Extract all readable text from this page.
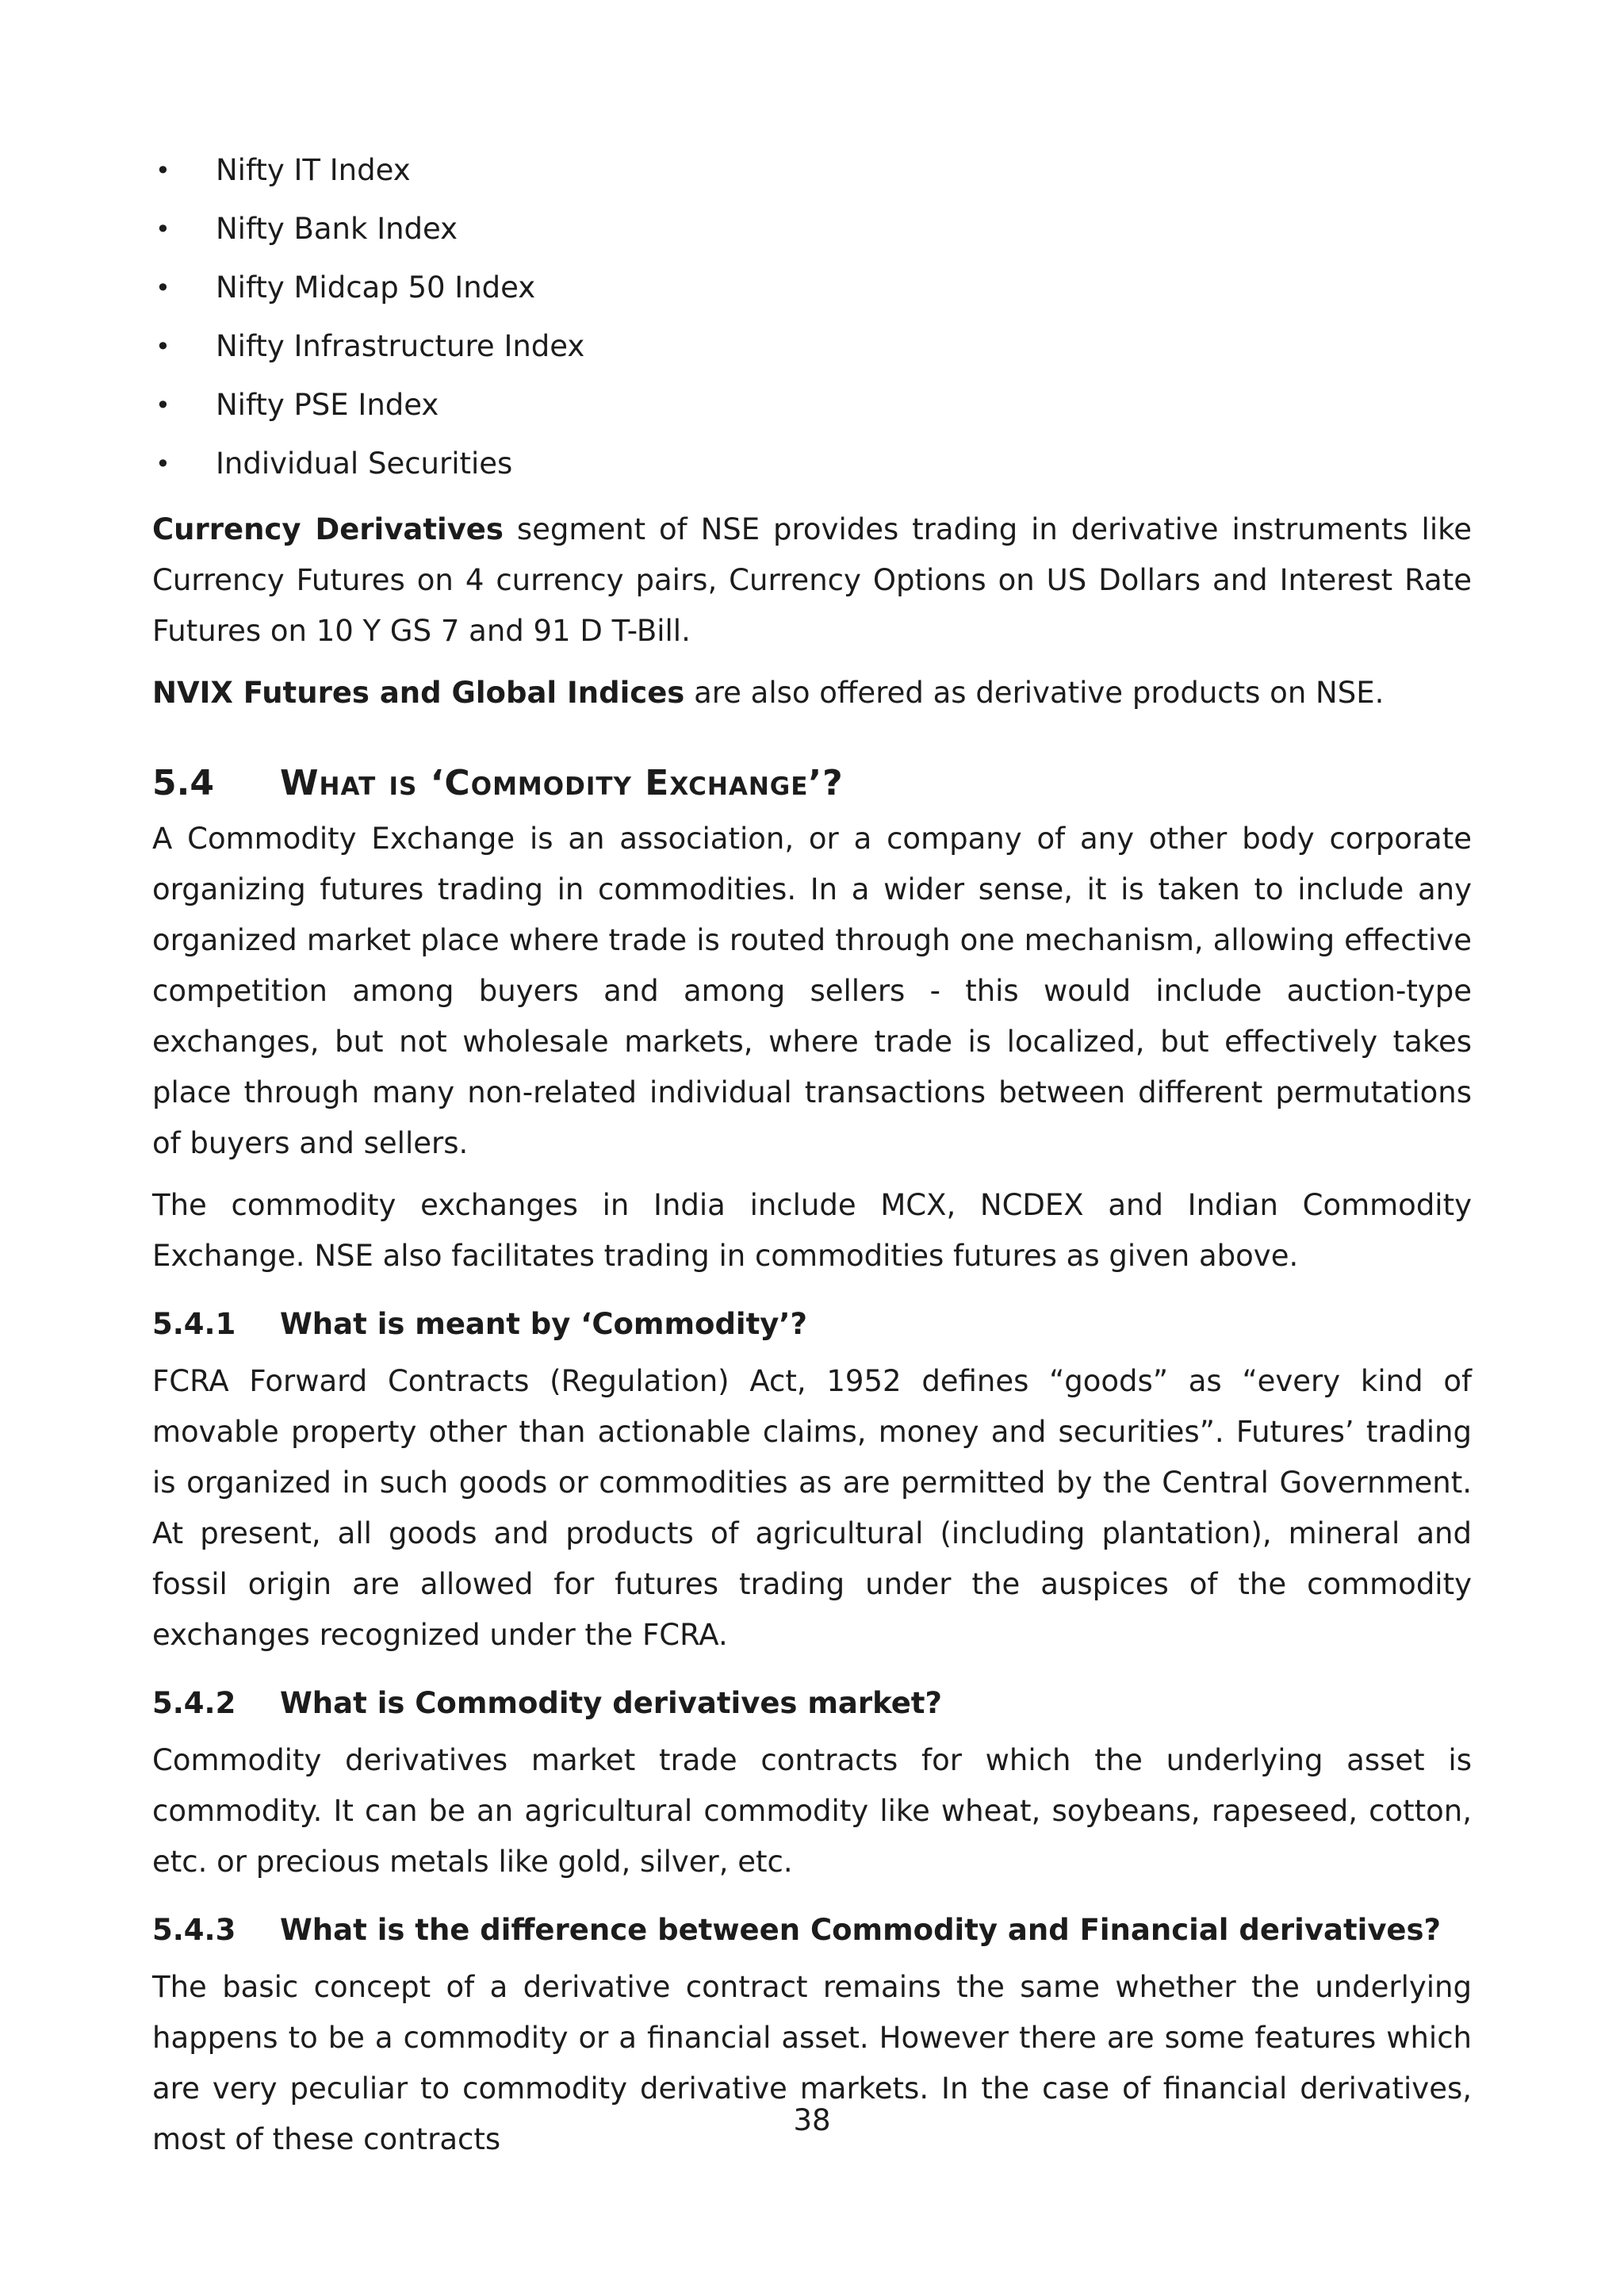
• Nifty IT Index
• Nifty Bank Index
• Nifty Midcap 50 Index
• Nifty Infrastructure Index
• Nifty PSE Index
• Individual Securities

Currency Derivatives segment of NSE provides trading in derivative instruments like Currency Futures on 4 currency pairs, Currency Options on US Dollars and Interest Rate Futures on 10 Y GS 7 and 91 D T-Bill.

NVIX Futures and Global Indices are also offered as derivative products on NSE.

5.4 What is ‘Commodity Exchange’?

A Commodity Exchange is an association, or a company of any other body corporate organizing futures trading in commodities. In a wider sense, it is taken to include any organized market place where trade is routed through one mechanism, allowing effective competition among buyers and among sellers - this would include auction-type exchanges, but not wholesale markets, where trade is localized, but effectively takes place through many non-related individual transactions between different permutations of buyers and sellers.

The commodity exchanges in India include MCX, NCDEX and Indian Commodity Exchange. NSE also facilitates trading in commodities futures as given above.

5.4.1 What is meant by ‘Commodity’?

FCRA Forward Contracts (Regulation) Act, 1952 defines “goods” as “every kind of movable property other than actionable claims, money and securities”. Futures’ trading is organized in such goods or commodities as are permitted by the Central Government. At present, all goods and products of agricultural (including plantation), mineral and fossil origin are allowed for futures trading under the auspices of the commodity exchanges recognized under the FCRA.

5.4.2 What is Commodity derivatives market?

Commodity derivatives market trade contracts for which the underlying asset is commodity. It can be an agricultural commodity like wheat, soybeans, rapeseed, cotton, etc. or precious metals like gold, silver, etc.

5.4.3 What is the difference between Commodity and Financial derivatives?

The basic concept of a derivative contract remains the same whether the underlying happens to be a commodity or a financial asset. However there are some features which are very peculiar to commodity derivative markets. In the case of financial derivatives, most of these contracts

38
